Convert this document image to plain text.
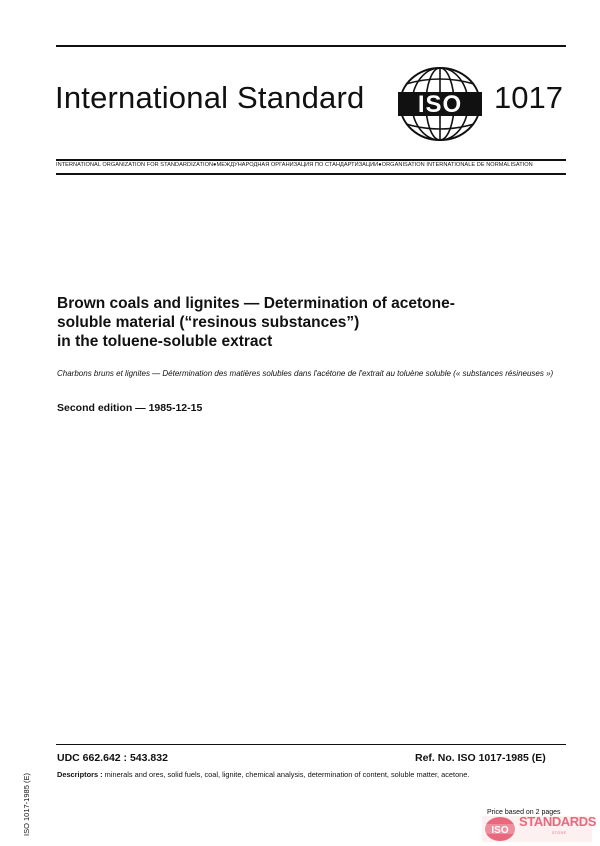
International Standard ISO 1017
INTERNATIONAL ORGANIZATION FOR STANDARDIZATION●МЕЖДУНАРОДНАЯ ОРГАНИЗАЦИЯ ПО СТАНДАРТИЗАЦИИ●ORGANISATION INTERNATIONALE DE NORMALISATION
Brown coals and lignites — Determination of acetone-
soluble material (“resinous substances”)
in the toluene-soluble extract
Charbons bruns et lignites — Détermination des matières solubles dans l'acétone de l'extrait au toluène soluble (« substances résineuses »)
Second edition — 1985-12-15
UDC 662.642 : 543.832	Ref. No. ISO 1017-1985 (E)
Descriptors : minerals and ores, solid fuels, coal, lignite, chemical analysis, determination of content, soluble matter, acetone.
ISO 1017-1985 (E)	ISO
STANDARDS
STORE
Price based on 2 pages
